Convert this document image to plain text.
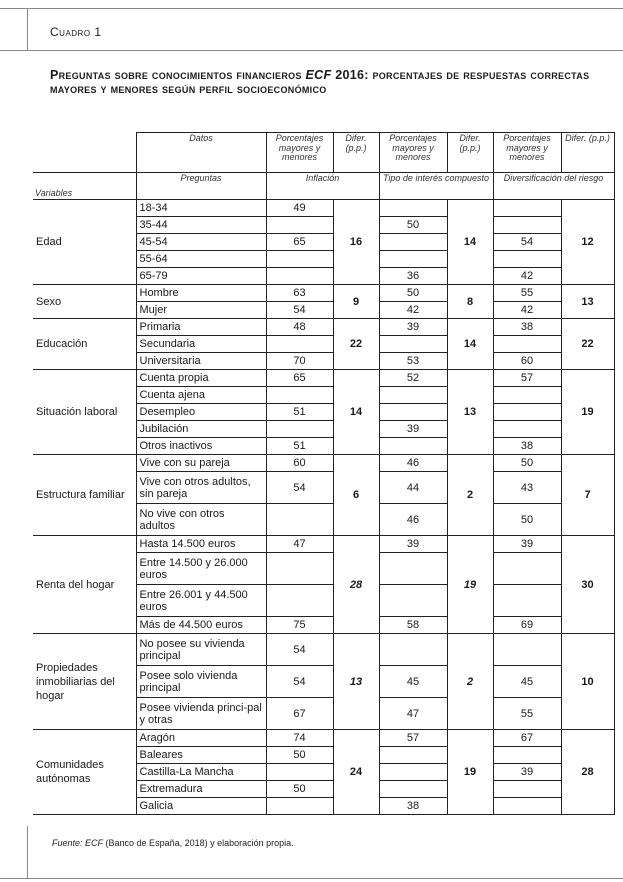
Cuadro 1
Preguntas sobre conocimientos financieros ECF 2016: porcentajes de respuestas correctas mayores y menores según perfil socioeconómico
	Datos	Porcentajes mayores y menores	Difer. (p.p.)	Porcentajes mayores y menores	Difer. (p.p.)	Porcentajes mayores y menores	Difer. (p.p.)
Variables	Preguntas	Inflación		Tipo de interés compuesto		Diversificación del riesgo	
Edad	18-34	49	16		14		12
	35-44			50			
	45-54	65				54	
	55-64						
	65-79			36		42	
Sexo	Hombre	63	9	50	8	55	13
	Mujer	54		42		42	
Educación	Primaria	48	22	39	14	38	22
	Secundaria						
	Universitaria	70		53		60	
Situación laboral	Cuenta propia	65	14	52	13	57	19
	Cuenta ajena						
	Desempleo	51					
	Jubilación			39			
	Otros inactivos	51				38	
Estructura familiar	Vive con su pareja	60	6	46	2	50	7
	Vive con otros adultos, sin pareja	54		44		43	
	No vive con otros adultos			46		50	
Renta del hogar	Hasta 14.500 euros	47	28	39	19	39	30
	Entre 14.500 y 26.000 euros						
	Entre 26.001 y 44.500 euros						
	Más de 44.500 euros	75		58		69	
Propiedades inmobiliarias del hogar	No posee su vivienda principal	54	13		2		10
	Posee solo vivienda principal	54		45		45	
	Posee vivienda princi-pal y otras	67		47		55	
Comunidades autónomas	Aragón	74	24	57	19	67	28
	Baleares	50					
	Castilla-La Mancha					39	
	Extremadura	50					
	Galicia			38			
Fuente: ECF (Banco de España, 2018) y elaboración propia.
